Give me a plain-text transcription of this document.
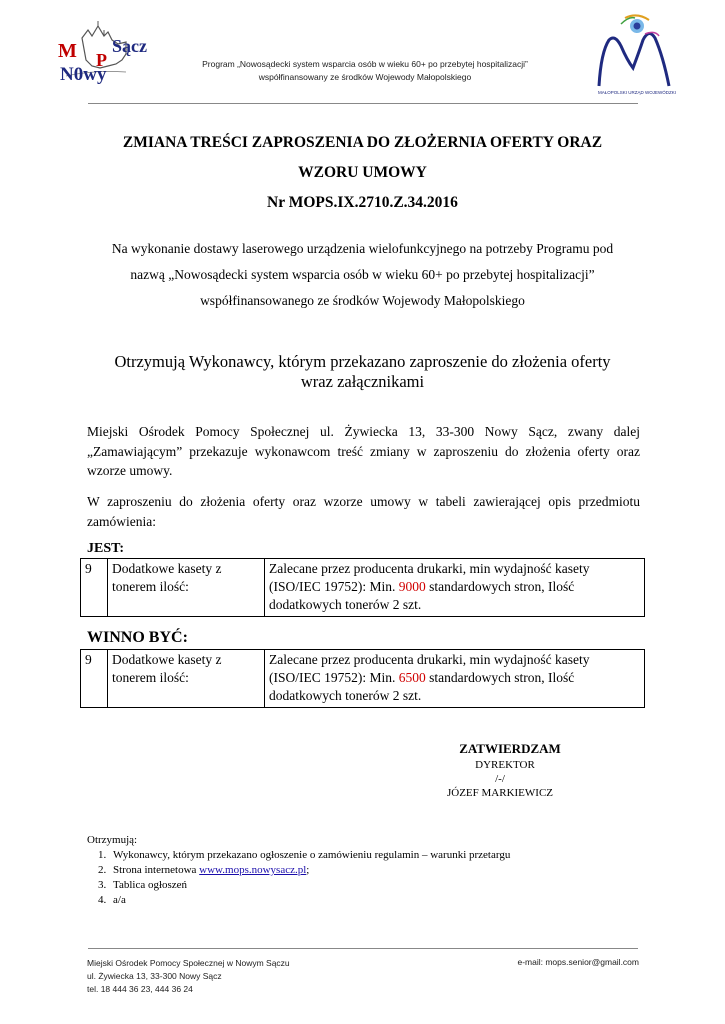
M P
Sącz
N0wy	Program „Nowosądecki system wsparcia osób w wieku 60+ po przebytej hospitalizacji”
współfinansowany ze środków Wojewody Małopolskiego
MAŁOPOLSKI URZĄD WOJEWÓDZKI
ZMIANA TREŚCI ZAPROSZENIA DO ZŁOŻERNIA OFERTY ORAZ
WZORU UMOWY
Nr MOPS.IX.2710.Z.34.2016
Na wykonanie dostawy laserowego urządzenia wielofunkcyjnego na potrzeby Programu pod
nazwą „Nowosądecki system wsparcia osób w wieku 60+ po przebytej hospitalizacji”
współfinansowanego ze środków Wojewody Małopolskiego
Otrzymują Wykonawcy, którym przekazano zaproszenie do złożenia oferty
wraz załącznikami
Miejski Ośrodek Pomocy Społecznej ul. Żywiecka 13, 33-300 Nowy Sącz, zwany dalej „Zamawiającym” przekazuje wykonawcom treść zmiany w zaproszeniu do złożenia oferty oraz wzorze umowy.
W zaproszeniu do złożenia oferty oraz wzorze umowy w tabeli zawierającej opis przedmiotu zamówienia:
JEST:
9	Dodatkowe kasety z tonerem ilość:	Zalecane przez producenta drukarki, min wydajność kasety (ISO/IEC 19752): Min. 9000 standardowych stron, Ilość dodatkowych tonerów 2 szt.
WINNO BYĆ:
9	Dodatkowe kasety z tonerem ilość:	Zalecane przez producenta drukarki, min wydajność kasety (ISO/IEC 19752): Min. 6500 standardowych stron, Ilość dodatkowych tonerów 2 szt.
ZATWIERDZAM
DYREKTOR
/-/
JÓZEF MARKIEWICZ
Otrzymują:
1. Wykonawcy, którym przekazano ogłoszenie o zamówieniu regulamin – warunki przetargu
2. Strona internetowa www.mops.nowysacz.pl;
3. Tablica ogłoszeń
4. a/a
Miejski Ośrodek Pomocy Społecznej w Nowym Sączu
ul. Żywiecka 13, 33-300 Nowy Sącz
tel. 18 444 36 23, 444 36 24
e-mail: mops.senior@gmail.com
